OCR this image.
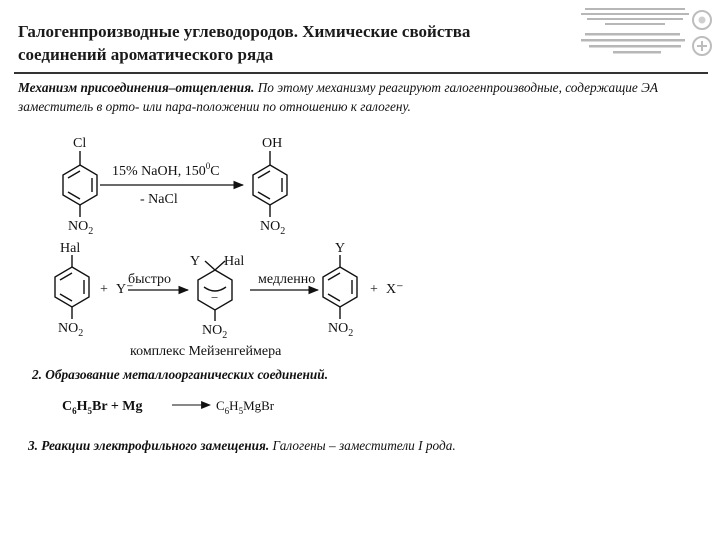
Галогенпроизводные углеводородов. Химические свойства
соединений ароматического ряда
Механизм присоединения–отщепления. По этому механизму реагируют галогенпроизводные, содержащие ЭА заместитель в орто- или пара-положении по отношению к галогену.
Cl
$NO_2$
15% NaOH, $150^0C$
- NaCl
OH
$NO_2$
Hal
$NO_2$
+ Y⁻
быстро
Y Hal
−
$NO_2$
медленно
Y
$NO_2$
+ X⁻
комплекс Мейзенгеймера
2. Образование металлоорганических соединений.
$C_6H_5Br + Mg$	$C_6H_5MgBr$
3. Реакции электрофильного замещения. Галогены – заместители I рода.
